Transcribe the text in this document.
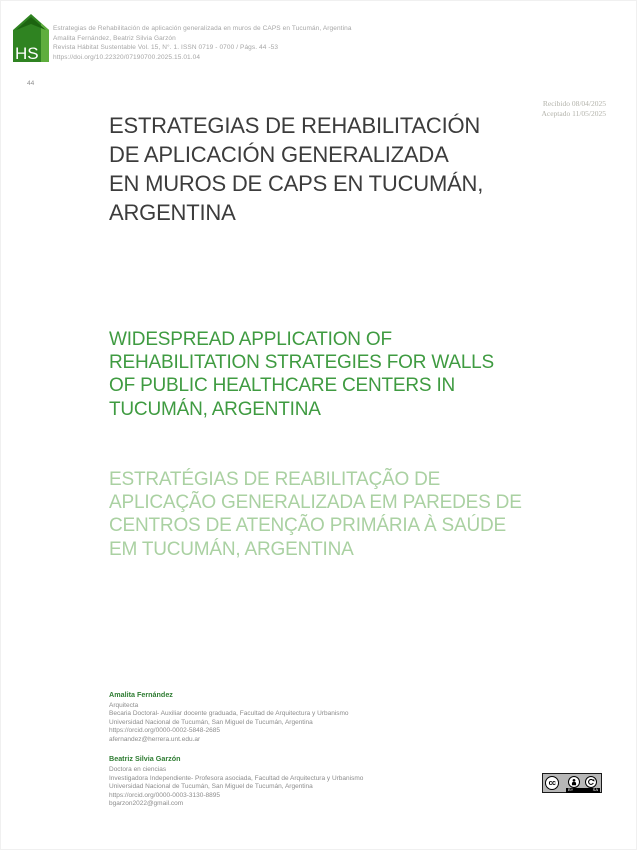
HS
Estrategias de Rehabilitación de aplicación generalizada en muros de CAPS en Tucumán, Argentina
Amalita Fernández, Beatriz Silvia Garzón
Revista Hábitat Sustentable Vol. 15, N°. 1. ISSN 0719 - 0700 / Págs. 44 -53
https://doi.org/10.22320/07190700.2025.15.01.04
44
Recibido 08/04/2025
Aceptado 11/05/2025
ESTRATEGIAS DE REHABILITACIÓN
DE APLICACIÓN GENERALIZADA
EN MUROS DE CAPS EN TUCUMÁN,
ARGENTINA
WIDESPREAD APPLICATION OF
REHABILITATION STRATEGIES FOR WALLS
OF PUBLIC HEALTHCARE CENTERS IN
TUCUMÁN, ARGENTINA
ESTRATÉGIAS DE REABILITAÇÃO DE
APLICAÇÃO GENERALIZADA EM PAREDES DE
CENTROS DE ATENÇÃO PRIMÁRIA À SAÚDE
EM TUCUMÁN, ARGENTINA
Amalita Fernández
Arquitecta
Becaria Doctoral- Auxiliar docente graduada, Facultad de Arquitectura y Urbanismo
Universidad Nacional de Tucumán, San Miguel de Tucumán, Argentina
https://orcid.org/0000-0002-5848-2685
afernandez@herrera.unt.edu.ar
Beatriz Silvia Garzón
Doctora en ciencias
Investigadora Independiente- Profesora asociada, Facultad de Arquitectura y Urbanismo
Universidad Nacional de Tucumán, San Miguel de Tucumán, Argentina
https://orcid.org/0000-0003-3130-8895
bgarzon2022@gmail.com
cc
BY	SA
